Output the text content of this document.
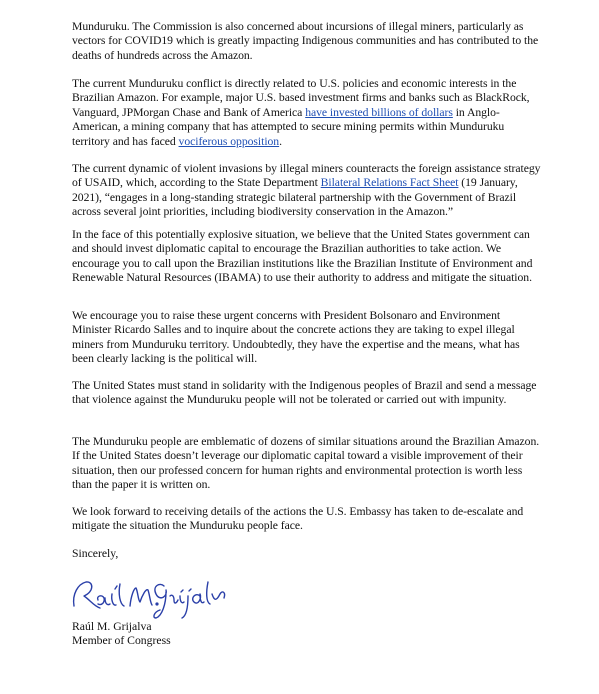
Munduruku. The Commission is also concerned about incursions of illegal miners, particularly as vectors for COVID19 which is greatly impacting Indigenous communities and has contributed to the deaths of hundreds across the Amazon.

The current Munduruku conflict is directly related to U.S. policies and economic interests in the Brazilian Amazon. For example, major U.S. based investment firms and banks such as BlackRock, Vanguard, JPMorgan Chase and Bank of America have invested billions of dollars in Anglo-American, a mining company that has attempted to secure mining permits within Munduruku territory and has faced vociferous opposition.

The current dynamic of violent invasions by illegal miners counteracts the foreign assistance strategy of USAID, which, according to the State Department Bilateral Relations Fact Sheet (19 January, 2021), “engages in a long-standing strategic bilateral partnership with the Government of Brazil across several joint priorities, including biodiversity conservation in the Amazon.”

In the face of this potentially explosive situation, we believe that the United States government can and should invest diplomatic capital to encourage the Brazilian authorities to take action. We encourage you to call upon the Brazilian institutions like the Brazilian Institute of Environment and Renewable Natural Resources (IBAMA) to use their authority to address and mitigate the situation.

We encourage you to raise these urgent concerns with President Bolsonaro and Environment Minister Ricardo Salles and to inquire about the concrete actions they are taking to expel illegal miners from Munduruku territory. Undoubtedly, they have the expertise and the means, what has been clearly lacking is the political will.

The United States must stand in solidarity with the Indigenous peoples of Brazil and send a message that violence against the Munduruku people will not be tolerated or carried out with impunity.

The Munduruku people are emblematic of dozens of similar situations around the Brazilian Amazon. If the United States doesn’t leverage our diplomatic capital toward a visible improvement of their situation, then our professed concern for human rights and environmental protection is worth less than the paper it is written on.

We look forward to receiving details of the actions the U.S. Embassy has taken to de-escalate and mitigate the situation the Munduruku people face.

Sincerely,

Raúl M. Grijalva

Member of Congress
